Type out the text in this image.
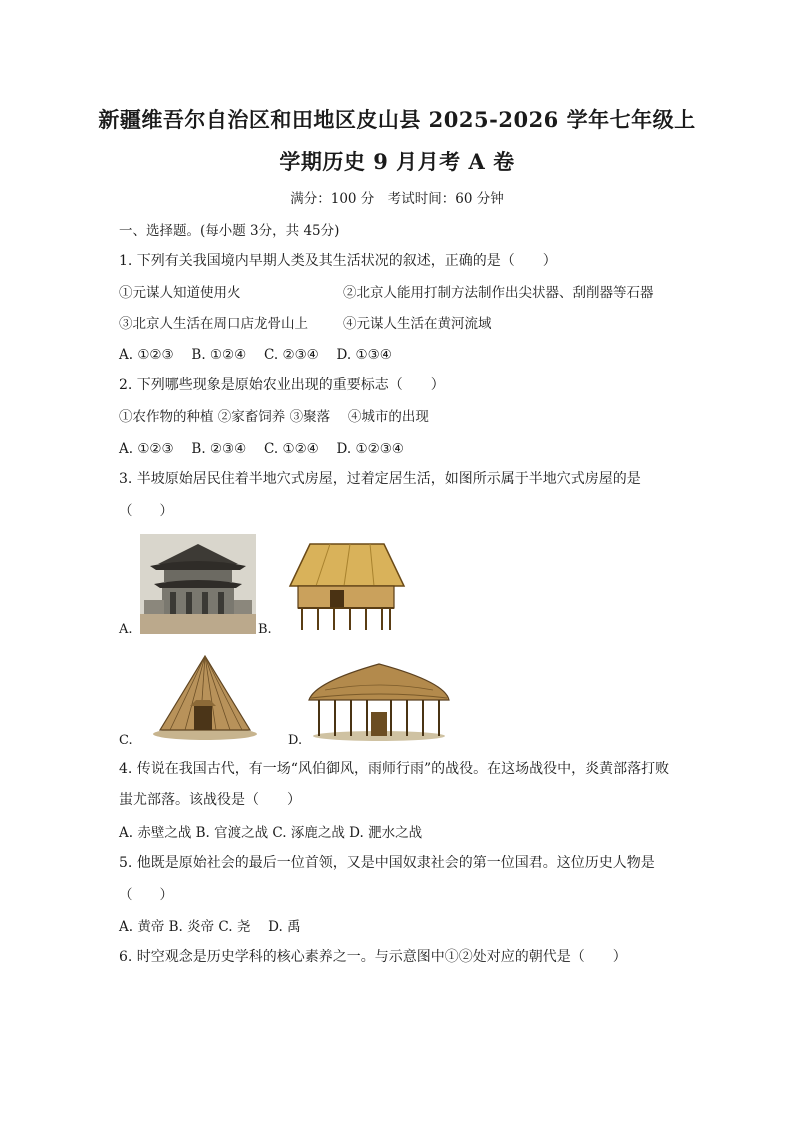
新疆维吾尔自治区和田地区皮山县 2025-2026 学年七年级上
学期历史 9 月月考 A 卷
满分：100 分　考试时间：60 分钟
一、选择题。(每小题 3分，共 45分)
1. 下列有关我国境内早期人类及其生活状况的叙述，正确的是（　　）
①元谋人知道使用火	②北京人能用打制方法制作出尖状器、刮削器等石器
③北京人生活在周口店龙骨山上	④元谋人生活在黄河流域
A. ①②③　 B. ①②④　 C. ②③④　 D. ①③④
2. 下列哪些现象是原始农业出现的重要标志（　　）
①农作物的种植 ②家畜饲养 ③聚落　 ④城市的出现
A. ①②③　 B. ②③④　 C. ①②④　 D. ①②③④
3. 半坡原始居民住着半地穴式房屋，过着定居生活，如图所示属于半地穴式房屋的是
（　　）
A.	B.
C.	D.
4. 传说在我国古代，有一场“风伯御风，雨师行雨”的战役。在这场战役中，炎黄部落打败
蚩尤部落。该战役是（　　）
A. 赤壁之战 B. 官渡之战 C. 涿鹿之战 D. 淝水之战
5. 他既是原始社会的最后一位首领，又是中国奴隶社会的第一位国君。这位历史人物是
（　　）
A. 黄帝 B. 炎帝 C. 尧　 D. 禹
6. 时空观念是历史学科的核心素养之一。与示意图中①②处对应的朝代是（　　）
